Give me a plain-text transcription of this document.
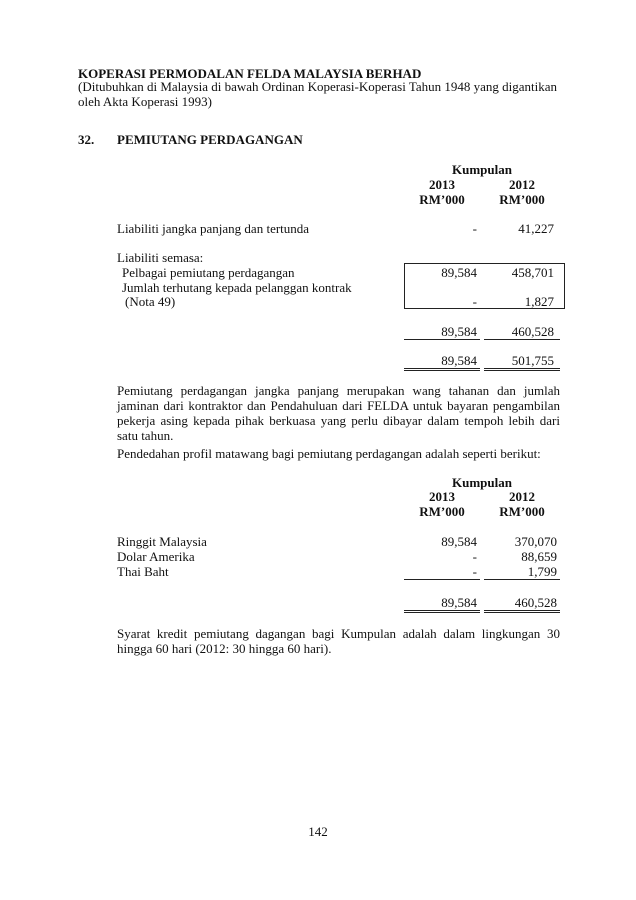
KOPERASI PERMODALAN FELDA MALAYSIA BERHAD
(Ditubuhkan di Malaysia di bawah Ordinan Koperasi-Koperasi Tahun 1948 yang digantikan oleh Akta Koperasi 1993)
32. PEMIUTANG PERDAGANGAN
Kumpulan
2013	2012
RM’000	RM’000
Liabiliti jangka panjang dan tertunda	-	41,227
Liabiliti semasa:
Pelbagai pemiutang perdagangan	89,584	458,701
Jumlah terhutang kepada pelanggan kontrak
(Nota 49)	-	1,827
89,584	460,528
89,584	501,755
Pemiutang perdagangan jangka panjang merupakan wang tahanan dan jumlah jaminan dari kontraktor dan Pendahuluan dari FELDA untuk bayaran pengambilan pekerja asing kepada pihak berkuasa yang perlu dibayar dalam tempoh lebih dari satu tahun.
Pendedahan profil matawang bagi pemiutang perdagangan adalah seperti berikut:
Kumpulan
2013	2012
RM’000	RM’000
Ringgit Malaysia	89,584	370,070
Dolar Amerika	-	88,659
Thai Baht	-	1,799
89,584	460,528
Syarat kredit pemiutang dagangan bagi Kumpulan adalah dalam lingkungan 30 hingga 60 hari (2012: 30 hingga 60 hari).
142
